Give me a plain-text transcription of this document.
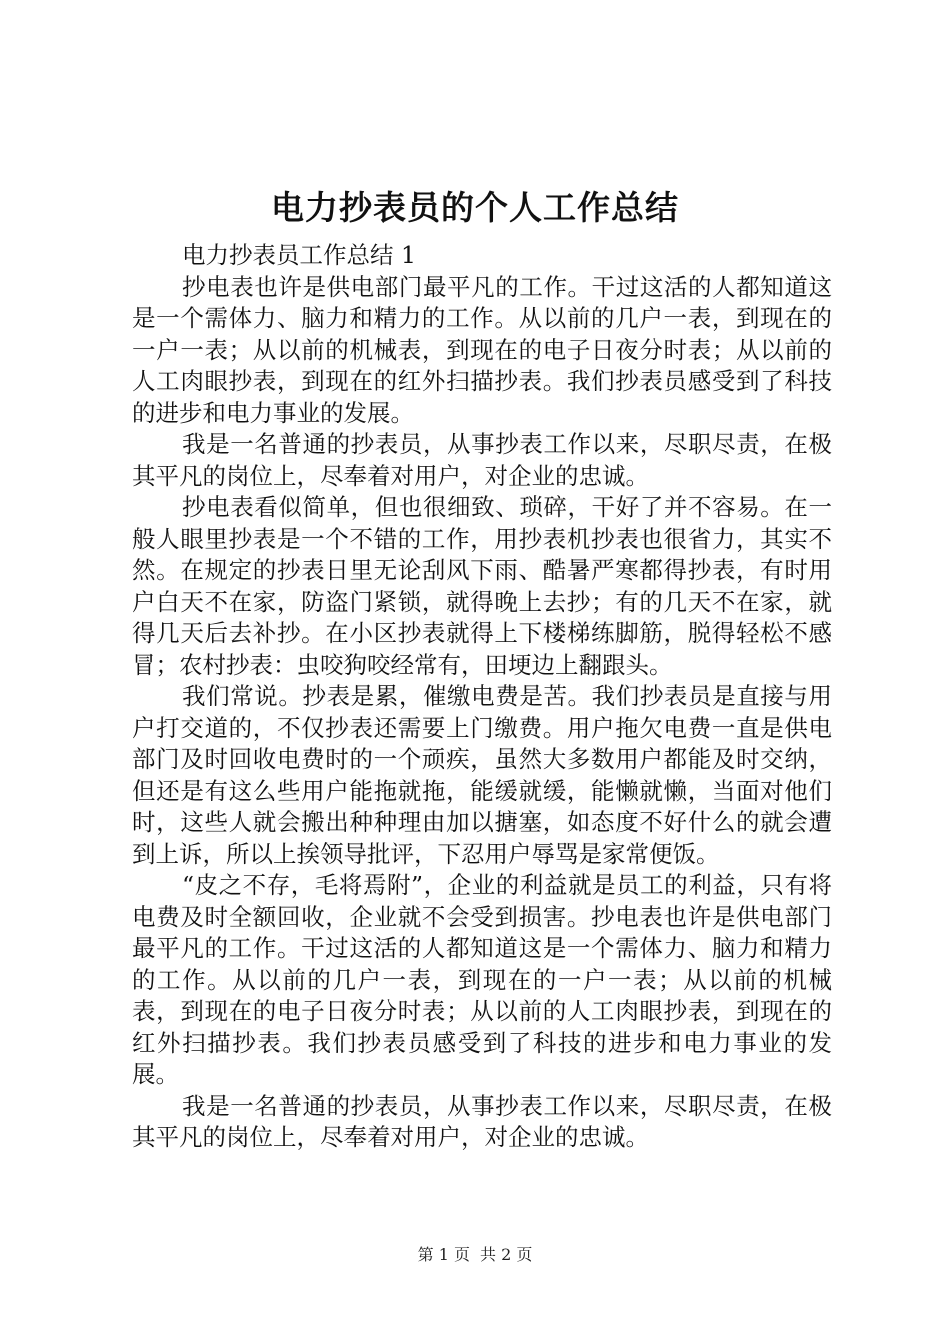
电力抄表员的个人工作总结

电力抄表员工作总结 1

抄电表也许是供电部门最平凡的工作。干过这活的人都知道这是一个需体力、脑力和精力的工作。从以前的几户一表，到现在的一户一表；从以前的机械表，到现在的电子日夜分时表；从以前的人工肉眼抄表，到现在的红外扫描抄表。我们抄表员感受到了科技的进步和电力事业的发展。

我是一名普通的抄表员，从事抄表工作以来，尽职尽责，在极其平凡的岗位上，尽奉着对用户，对企业的忠诚。

抄电表看似简单，但也很细致、琐碎，干好了并不容易。在一般人眼里抄表是一个不错的工作，用抄表机抄表也很省力，其实不然。在规定的抄表日里无论刮风下雨、酷暑严寒都得抄表，有时用户白天不在家，防盗门紧锁，就得晚上去抄；有的几天不在家，就得几天后去补抄。在小区抄表就得上下楼梯练脚筋，脱得轻松不感冒；农村抄表：虫咬狗咬经常有，田埂边上翻跟头。

我们常说。抄表是累，催缴电费是苦。我们抄表员是直接与用户打交道的，不仅抄表还需要上门缴费。用户拖欠电费一直是供电部门及时回收电费时的一个顽疾，虽然大多数用户都能及时交纳，但还是有这么些用户能拖就拖，能缓就缓，能懒就懒，当面对他们时，这些人就会搬出种种理由加以搪塞，如态度不好什么的就会遭到上诉，所以上挨领导批评，下忍用户辱骂是家常便饭。

“皮之不存，毛将焉附”，企业的利益就是员工的利益，只有将电费及时全额回收，企业就不会受到损害。抄电表也许是供电部门最平凡的工作。干过这活的人都知道这是一个需体力、脑力和精力的工作。从以前的几户一表，到现在的一户一表；从以前的机械表，到现在的电子日夜分时表；从以前的人工肉眼抄表，到现在的红外扫描抄表。我们抄表员感受到了科技的进步和电力事业的发展。

我是一名普通的抄表员，从事抄表工作以来，尽职尽责，在极其平凡的岗位上，尽奉着对用户，对企业的忠诚。

第 1 页 共 2 页
